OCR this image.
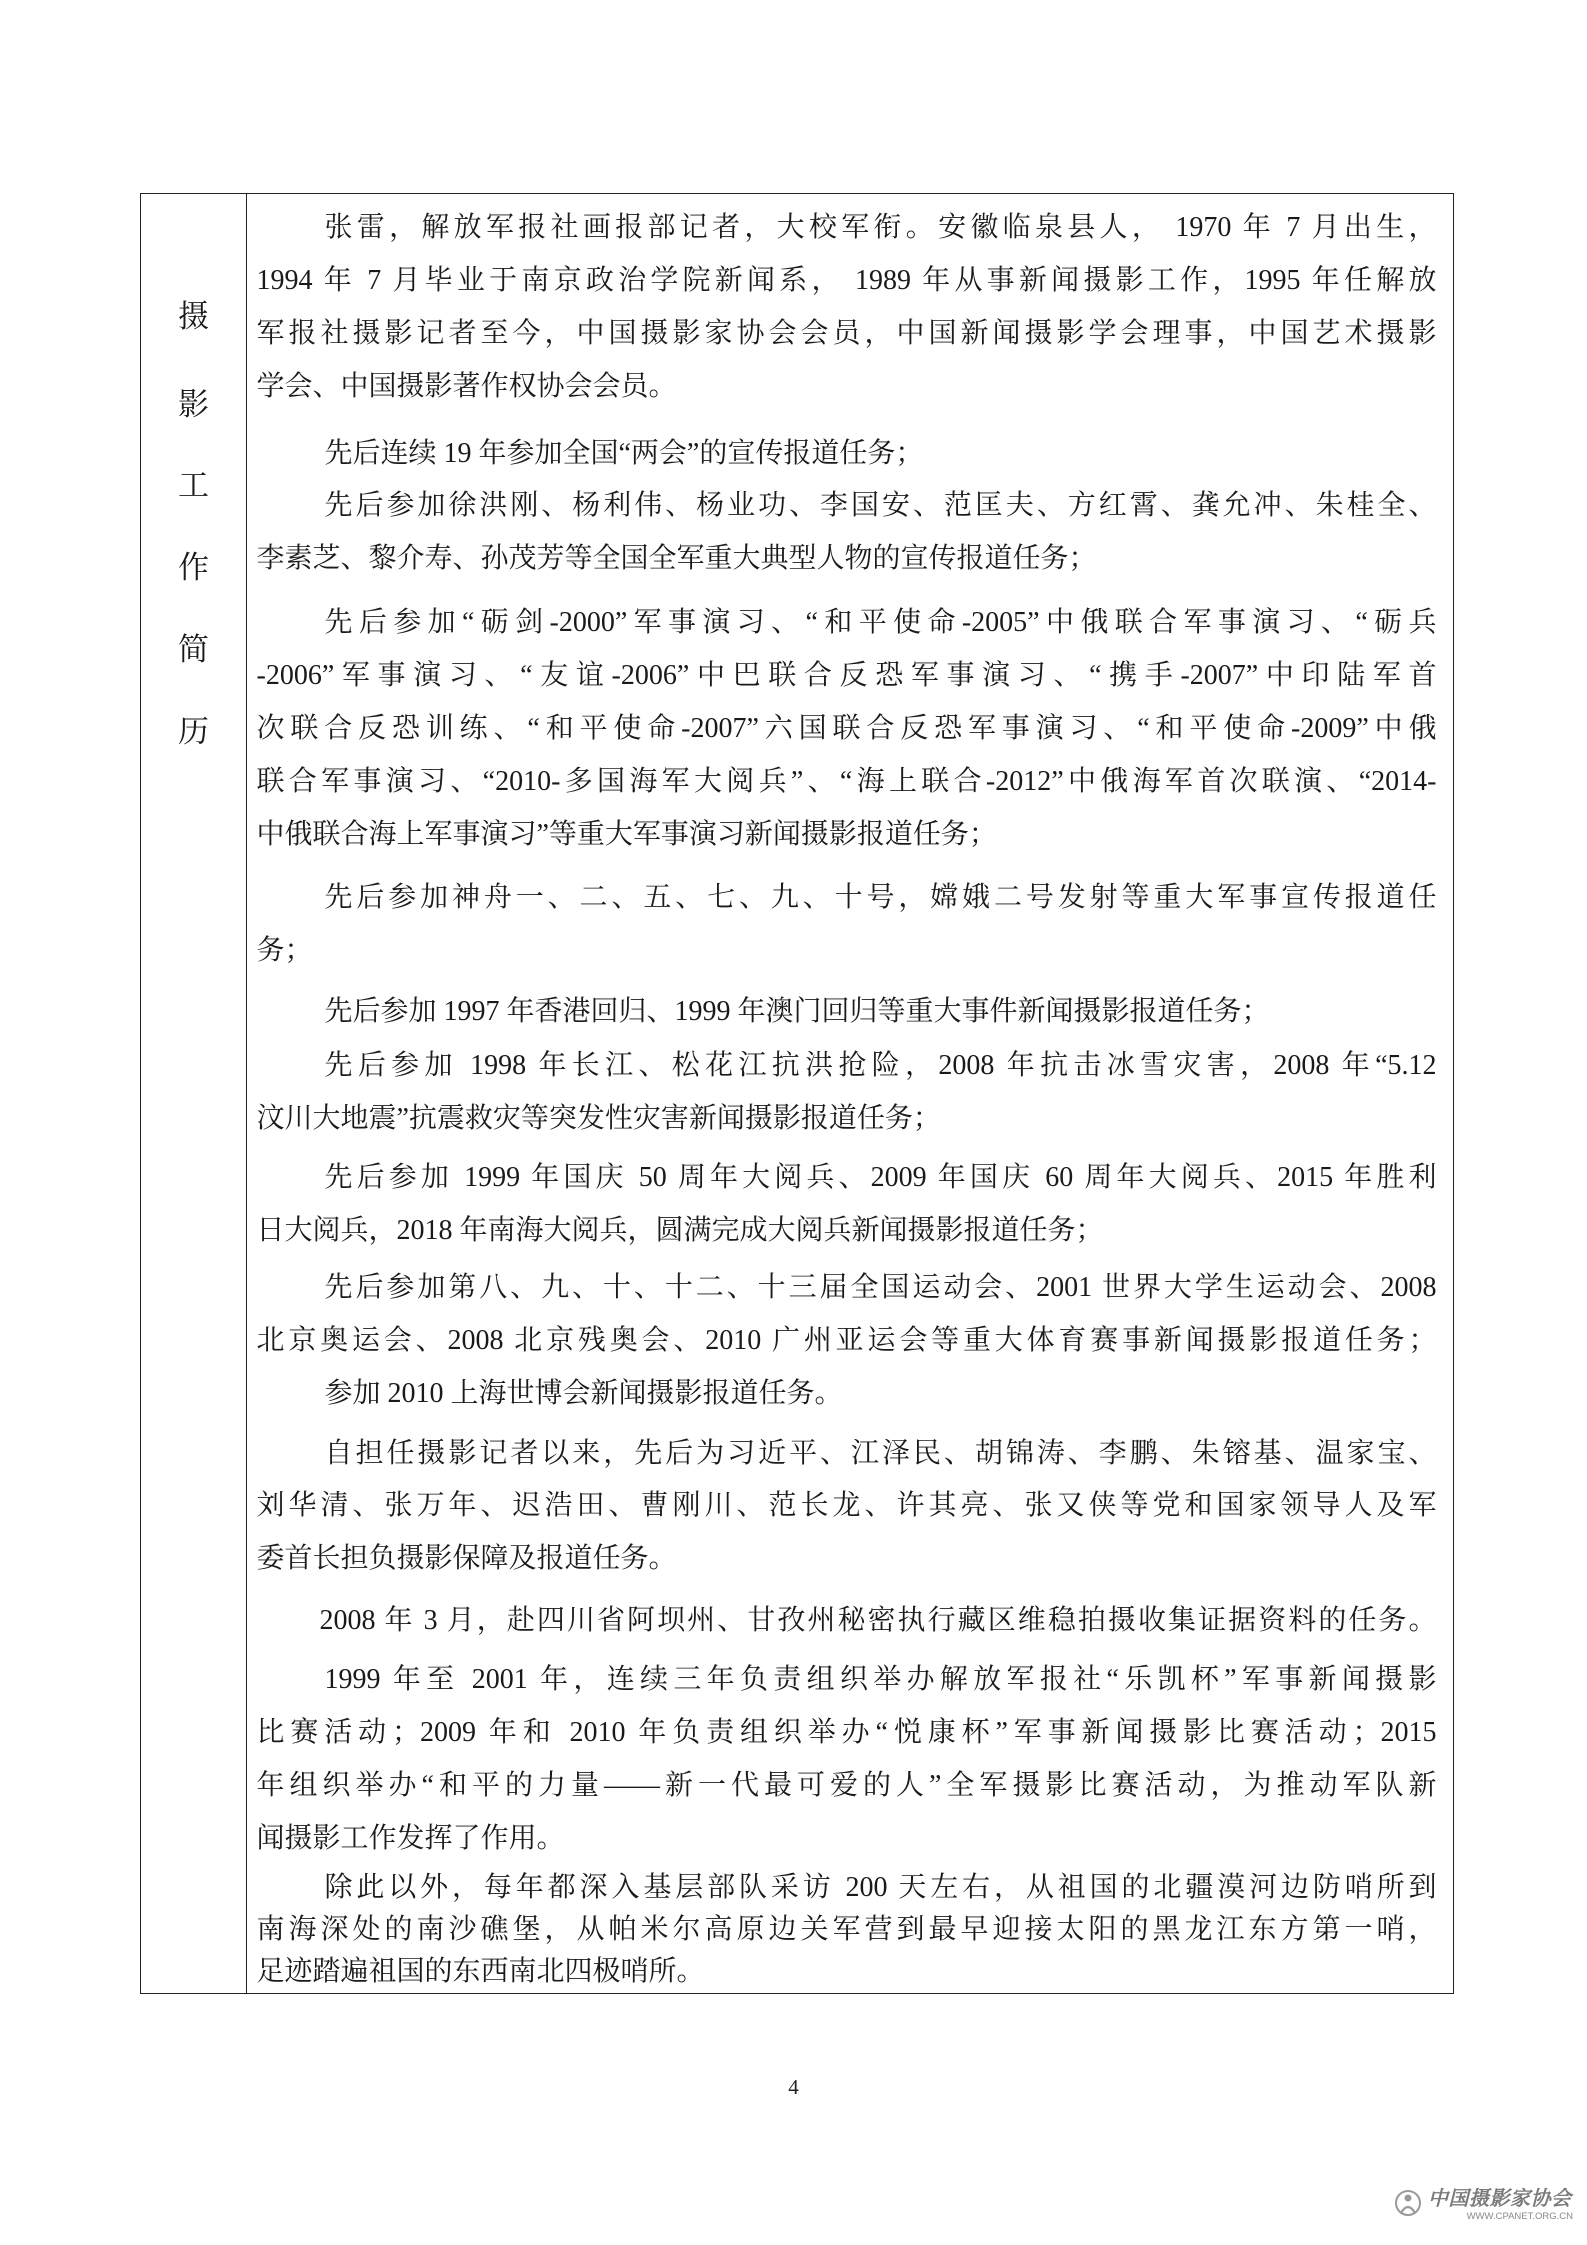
摄
影
工
作
简
历
张雷，解放军报社画报部记者，大校军衔。安徽临泉县人， 1970 年 7 月出生，
1994 年 7 月毕业于南京政治学院新闻系， 1989 年从事新闻摄影工作，1995 年任解放
军报社摄影记者至今，中国摄影家协会会员，中国新闻摄影学会理事，中国艺术摄影
学会、中国摄影著作权协会会员。
先后连续 19 年参加全国“两会”的宣传报道任务；
先后参加徐洪刚、杨利伟、杨业功、李国安、范匡夫、方红霄、龚允冲、朱桂全、
李素芝、黎介寿、孙茂芳等全国全军重大典型人物的宣传报道任务；
先后参加“砺剑-2000”军事演习、“和平使命-2005”中俄联合军事演习、“砺兵
-2006”军事演习、“友谊-2006”中巴联合反恐军事演习、“携手-2007”中印陆军首
次联合反恐训练、“和平使命-2007”六国联合反恐军事演习、“和平使命-2009”中俄
联合军事演习、“2010-多国海军大阅兵”、“海上联合-2012”中俄海军首次联演、“2014-
中俄联合海上军事演习”等重大军事演习新闻摄影报道任务；
先后参加神舟一、二、五、七、九、十号，嫦娥二号发射等重大军事宣传报道任
务；
先后参加 1997 年香港回归、1999 年澳门回归等重大事件新闻摄影报道任务；
先后参加 1998 年长江、松花江抗洪抢险，2008 年抗击冰雪灾害，2008 年“5.12
汶川大地震”抗震救灾等突发性灾害新闻摄影报道任务；
先后参加 1999 年国庆 50 周年大阅兵、2009 年国庆 60 周年大阅兵、2015 年胜利
日大阅兵，2018 年南海大阅兵，圆满完成大阅兵新闻摄影报道任务；
先后参加第八、九、十、十二、十三届全国运动会、2001 世界大学生运动会、2008
北京奥运会、2008 北京残奥会、2010 广州亚运会等重大体育赛事新闻摄影报道任务；
参加 2010 上海世博会新闻摄影报道任务。
自担任摄影记者以来，先后为习近平、江泽民、胡锦涛、李鹏、朱镕基、温家宝、
刘华清、张万年、迟浩田、曹刚川、范长龙、许其亮、张又侠等党和国家领导人及军
委首长担负摄影保障及报道任务。
2008 年 3 月，赴四川省阿坝州、甘孜州秘密执行藏区维稳拍摄收集证据资料的任务。
1999 年至 2001 年，连续三年负责组织举办解放军报社“乐凯杯”军事新闻摄影
比赛活动；2009 年和 2010 年负责组织举办“悦康杯”军事新闻摄影比赛活动；2015
年组织举办“和平的力量——新一代最可爱的人”全军摄影比赛活动，为推动军队新
闻摄影工作发挥了作用。
除此以外，每年都深入基层部队采访 200 天左右，从祖国的北疆漠河边防哨所到
南海深处的南沙礁堡，从帕米尔高原边关军营到最早迎接太阳的黑龙江东方第一哨，
足迹踏遍祖国的东西南北四极哨所。
4
中国摄影家协会
WWW.CPANET.ORG.CN
